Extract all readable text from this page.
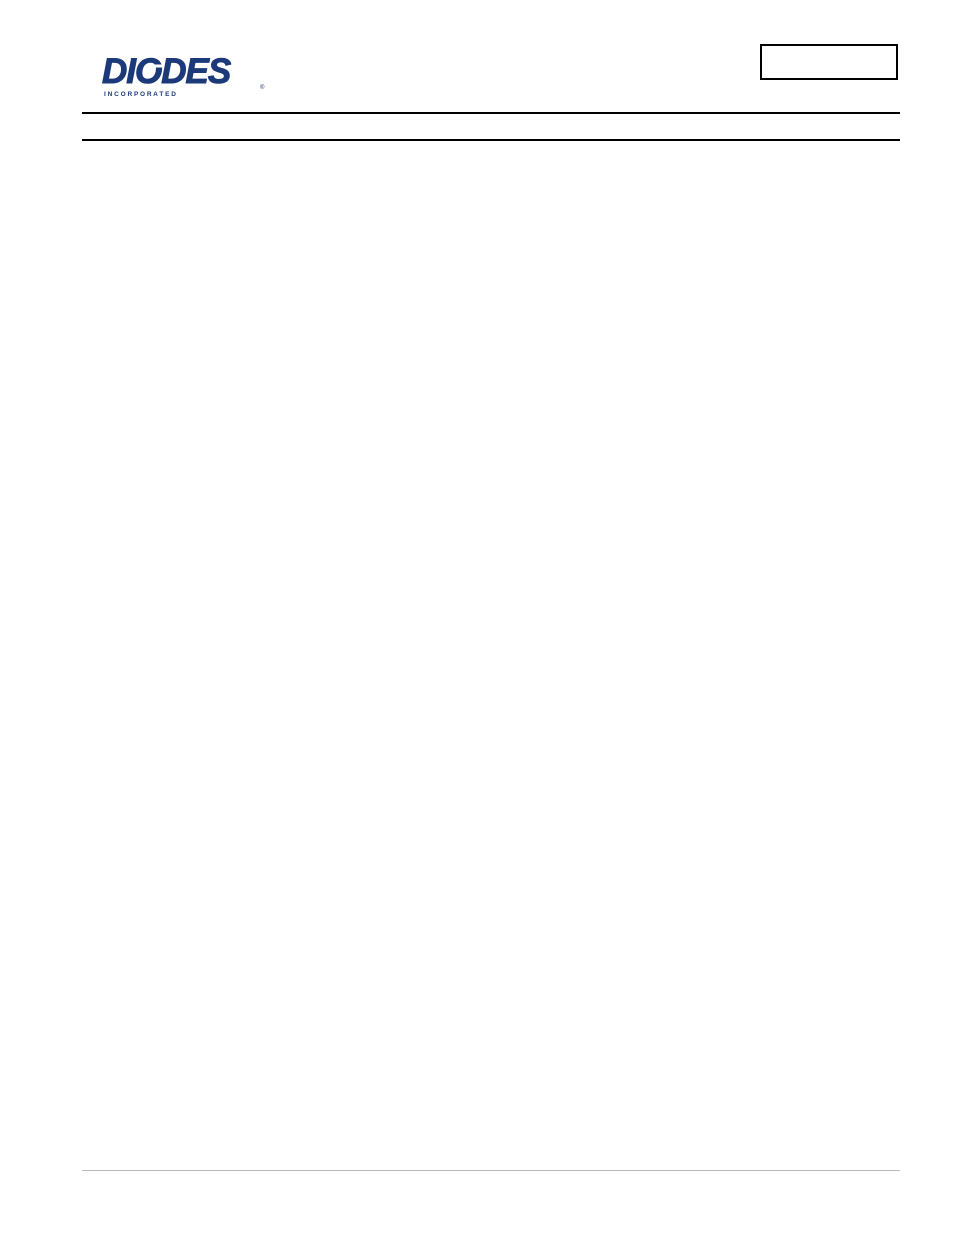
DIODES
I N C O R P O R A T E D
®
